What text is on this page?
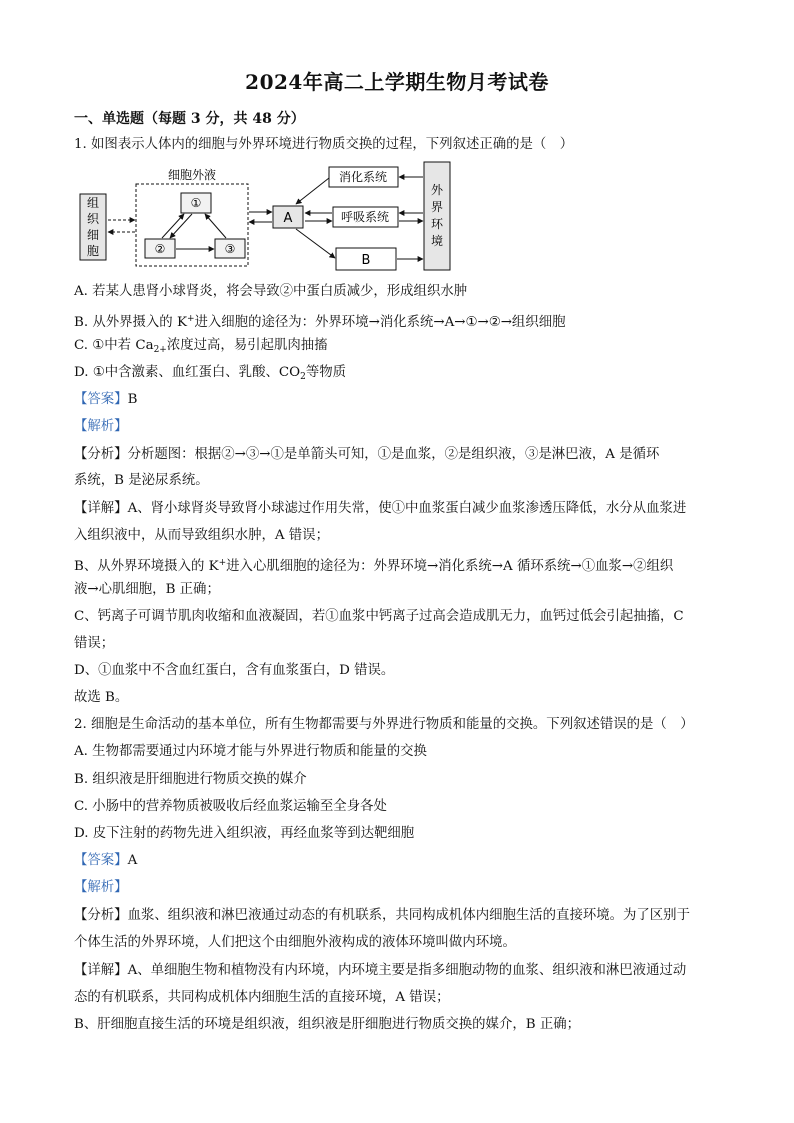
2024年高二上学期生物月考试卷
一、单选题（每题 3 分，共 48 分）
1. 如图表示人体内的细胞与外界环境进行物质交换的过程，下列叙述正确的是（　）
组
织
细
胞
细胞外液
①
②	③
A
消化系统
呼吸系统
B
外
界
环
境
A. 若某人患肾小球肾炎，将会导致②中蛋白质减少，形成组织水肿
B. 从外界摄入的 K+进入细胞的途径为：外界环境→消化系统→A→①→②→组织细胞
C. ①中若 $Ca_{2+}$浓度过高，易引起肌肉抽搐
D. ①中含激素、血红蛋白、乳酸、$CO_2$等物质
【答案】B
【解析】
【分析】分析题图：根据②→③→①是单箭头可知，①是血浆，②是组织液，③是淋巴液，A 是循环
系统，B 是泌尿系统。
【详解】A、肾小球肾炎导致肾小球滤过作用失常，使①中血浆蛋白减少血浆渗透压降低，水分从血浆进
入组织液中，从而导致组织水肿，A 错误；
B、从外界环境摄入的 K+进入心肌细胞的途径为：外界环境→消化系统→A 循环系统→①血浆→②组织
液→心肌细胞，B 正确；
C、钙离子可调节肌肉收缩和血液凝固，若①血浆中钙离子过高会造成肌无力，血钙过低会引起抽搐，C
错误；
D、①血浆中不含血红蛋白，含有血浆蛋白，D 错误。
故选 B。
2. 细胞是生命活动的基本单位，所有生物都需要与外界进行物质和能量的交换。下列叙述错误的是（　）
A. 生物都需要通过内环境才能与外界进行物质和能量的交换
B. 组织液是肝细胞进行物质交换的媒介
C. 小肠中的营养物质被吸收后经血浆运输至全身各处
D. 皮下注射的药物先进入组织液，再经血浆等到达靶细胞
【答案】A
【解析】
【分析】血浆、组织液和淋巴液通过动态的有机联系，共同构成机体内细胞生活的直接环境。为了区别于
个体生活的外界环境，人们把这个由细胞外液构成的液体环境叫做内环境。
【详解】A、单细胞生物和植物没有内环境，内环境主要是指多细胞动物的血浆、组织液和淋巴液通过动
态的有机联系，共同构成机体内细胞生活的直接环境，A 错误；
B、肝细胞直接生活的环境是组织液，组织液是肝细胞进行物质交换的媒介，B 正确；
